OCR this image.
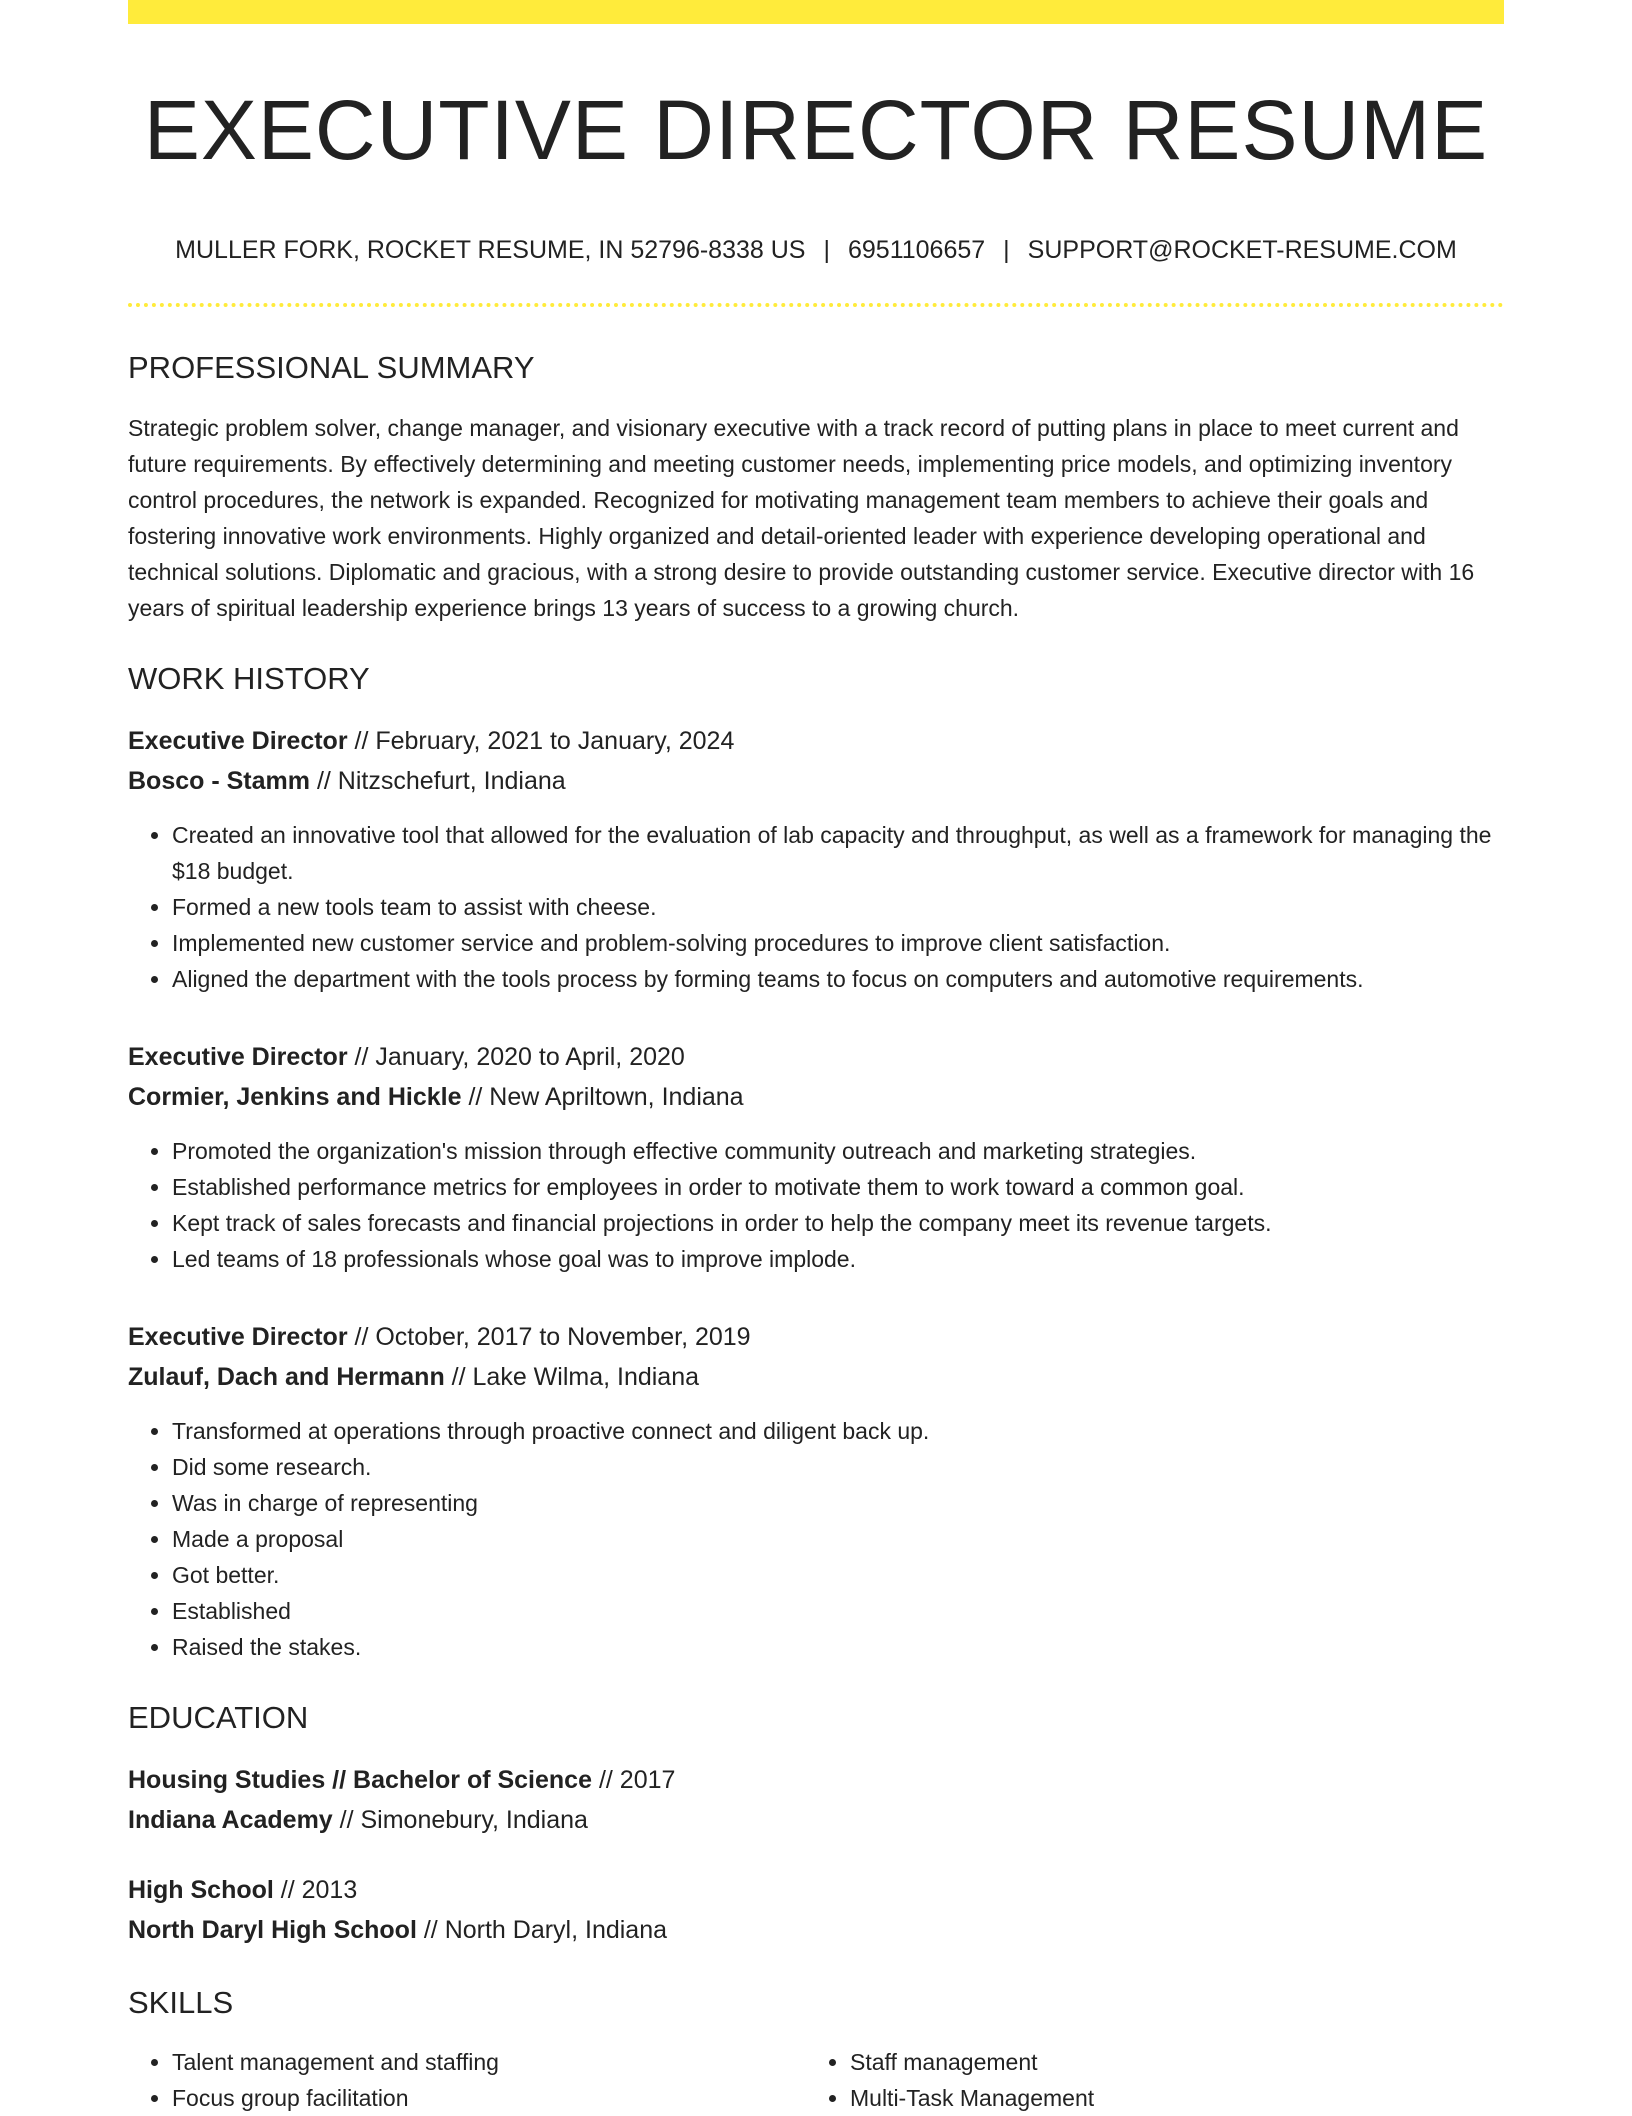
EXECUTIVE DIRECTOR RESUME
MULLER FORK, ROCKET RESUME, IN 52796-8338 US | 6951106657 | SUPPORT@ROCKET-RESUME.COM
PROFESSIONAL SUMMARY

Strategic problem solver, change manager, and visionary executive with a track record of putting plans in place to meet current and future requirements. By effectively determining and meeting customer needs, implementing price models, and optimizing inventory control procedures, the network is expanded. Recognized for motivating management team members to achieve their goals and fostering innovative work environments. Highly organized and detail-oriented leader with experience developing operational and technical solutions. Diplomatic and gracious, with a strong desire to provide outstanding customer service. Executive director with 16 years of spiritual leadership experience brings 13 years of success to a growing church.

WORK HISTORY
Executive Director // February, 2021 to January, 2024
Bosco - Stamm // Nitzschefurt, Indiana
• Created an innovative tool that allowed for the evaluation of lab capacity and throughput, as well as a framework for managing the $18 budget.
• Formed a new tools team to assist with cheese.
• Implemented new customer service and problem-solving procedures to improve client satisfaction.
• Aligned the department with the tools process by forming teams to focus on computers and automotive requirements.
Executive Director // January, 2020 to April, 2020
Cormier, Jenkins and Hickle // New Apriltown, Indiana
• Promoted the organization's mission through effective community outreach and marketing strategies.
• Established performance metrics for employees in order to motivate them to work toward a common goal.
• Kept track of sales forecasts and financial projections in order to help the company meet its revenue targets.
• Led teams of 18 professionals whose goal was to improve implode.
Executive Director // October, 2017 to November, 2019
Zulauf, Dach and Hermann // Lake Wilma, Indiana
• Transformed at operations through proactive connect and diligent back up.
• Did some research.
• Was in charge of representing
• Made a proposal
• Got better.
• Established
• Raised the stakes.
EDUCATION
Housing Studies // Bachelor of Science // 2017
Indiana Academy // Simonebury, Indiana
High School // 2013
North Daryl High School // North Daryl, Indiana
SKILLS
• Talent management and staffing
• Focus group facilitation
• Staff management
• Multi-Task Management
